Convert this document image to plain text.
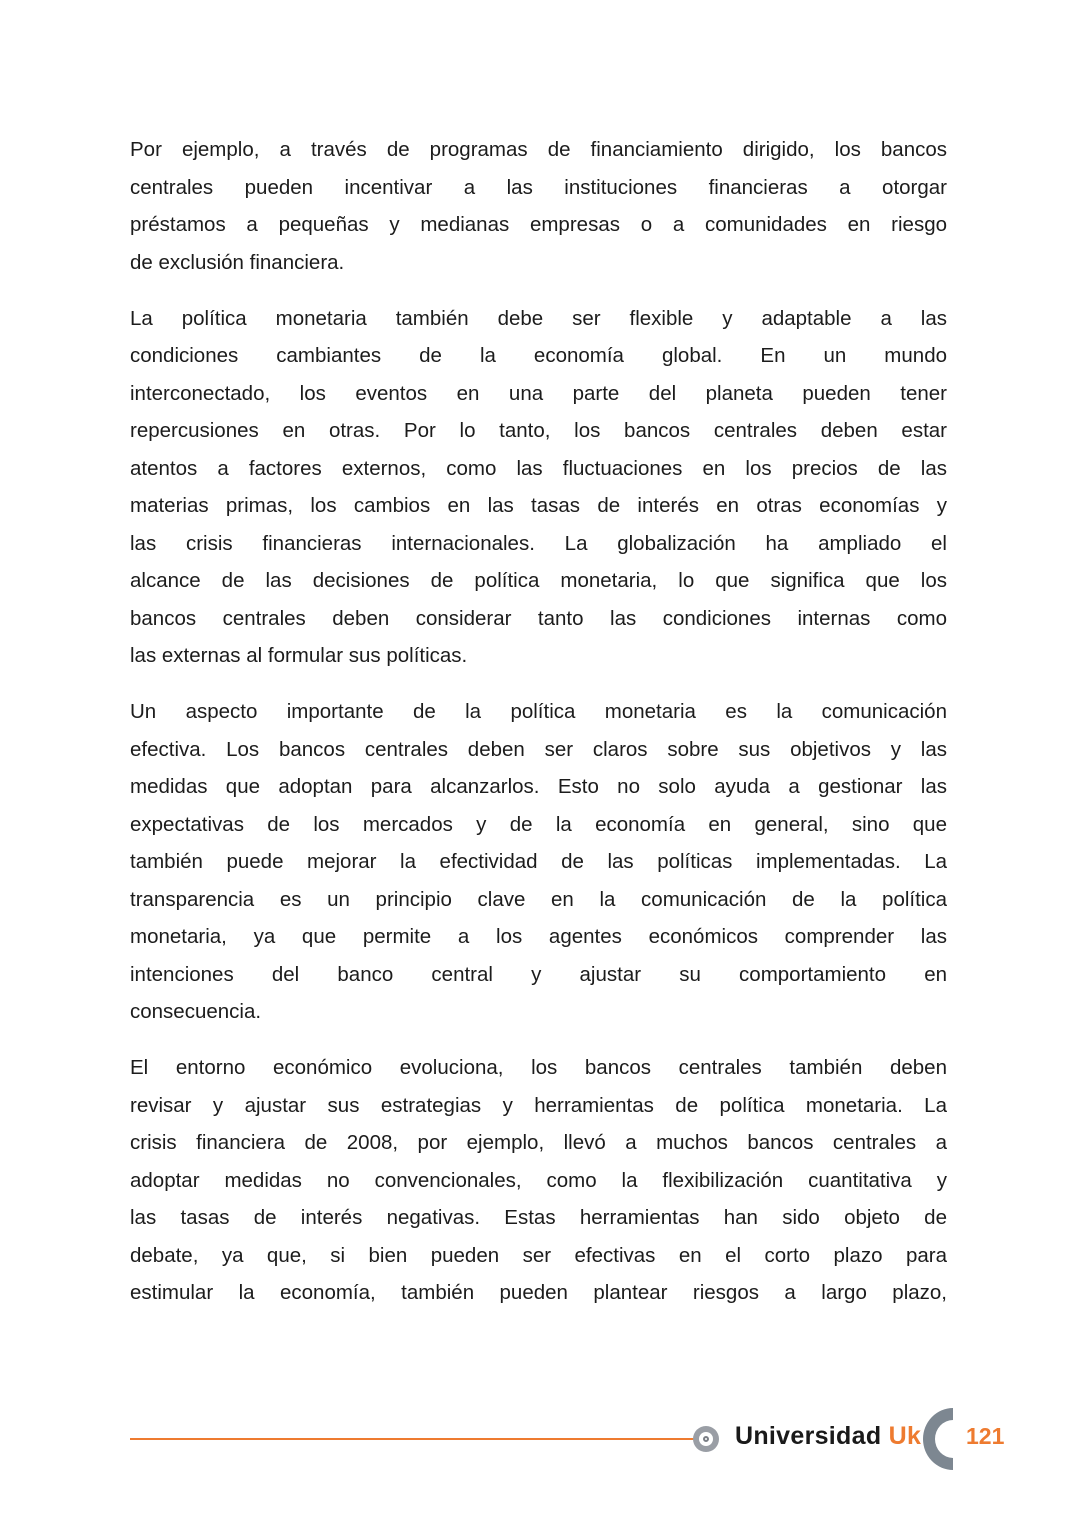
Por ejemplo, a través de programas de financiamiento dirigido, los bancos
centrales pueden incentivar a las instituciones financieras a otorgar
préstamos a pequeñas y medianas empresas o a comunidades en riesgo
de exclusión financiera.
La política monetaria también debe ser flexible y adaptable a las
condiciones cambiantes de la economía global. En un mundo
interconectado, los eventos en una parte del planeta pueden tener
repercusiones en otras. Por lo tanto, los bancos centrales deben estar
atentos a factores externos, como las fluctuaciones en los precios de las
materias primas, los cambios en las tasas de interés en otras economías y
las crisis financieras internacionales. La globalización ha ampliado el
alcance de las decisiones de política monetaria, lo que significa que los
bancos centrales deben considerar tanto las condiciones internas como
las externas al formular sus políticas.
Un aspecto importante de la política monetaria es la comunicación
efectiva. Los bancos centrales deben ser claros sobre sus objetivos y las
medidas que adoptan para alcanzarlos. Esto no solo ayuda a gestionar las
expectativas de los mercados y de la economía en general, sino que
también puede mejorar la efectividad de las políticas implementadas. La
transparencia es un principio clave en la comunicación de la política
monetaria, ya que permite a los agentes económicos comprender las
intenciones del banco central y ajustar su comportamiento en
consecuencia.
El entorno económico evoluciona, los bancos centrales también deben
revisar y ajustar sus estrategias y herramientas de política monetaria. La
crisis financiera de 2008, por ejemplo, llevó a muchos bancos centrales a
adoptar medidas no convencionales, como la flexibilización cuantitativa y
las tasas de interés negativas. Estas herramientas han sido objeto de
debate, ya que, si bien pueden ser efectivas en el corto plazo para
estimular la economía, también pueden plantear riesgos a largo plazo,
Universidad Uk 121
